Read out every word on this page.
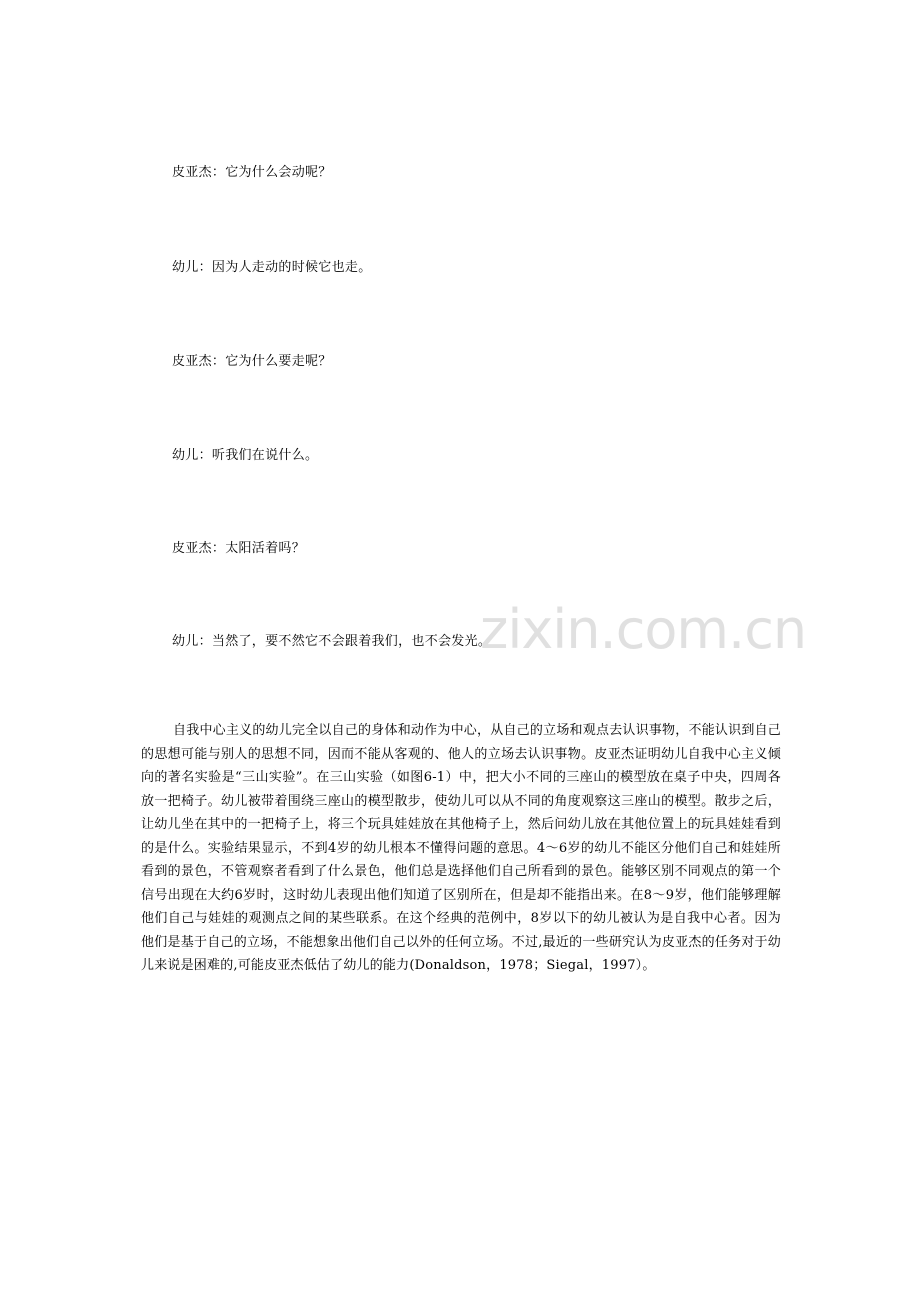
皮亚杰：它为什么会动呢？
幼儿：因为人走动的时候它也走。
皮亚杰：它为什么要走呢？
幼儿：听我们在说什么。
皮亚杰：太阳活着吗？
幼儿：当然了，要不然它不会跟着我们，也不会发光。
自我中心主义的幼儿完全以自己的身体和动作为中心，从自己的立场和观点去认识事物，不能认识到自己的思想可能与别人的思想不同，因而不能从客观的、他人的立场去认识事物。皮亚杰证明幼儿自我中心主义倾向的著名实验是“三山实验”。在三山实验（如图6-1）中，把大小不同的三座山的模型放在桌子中央，四周各放一把椅子。幼儿被带着围绕三座山的模型散步，使幼儿可以从不同的角度观察这三座山的模型。散步之后，让幼儿坐在其中的一把椅子上，将三个玩具娃娃放在其他椅子上，然后问幼儿放在其他位置上的玩具娃娃看到的是什么。实验结果显示，不到4岁的幼儿根本不懂得问题的意思。4～6岁的幼儿不能区分他们自己和娃娃所看到的景色，不管观察者看到了什么景色，他们总是选择他们自己所看到的景色。能够区别不同观点的第一个信号出现在大约6岁时，这时幼儿表现出他们知道了区别所在，但是却不能指出来。在8～9岁，他们能够理解他们自己与娃娃的观测点之间的某些联系。在这个经典的范例中，8岁以下的幼儿被认为是自我中心者。因为他们是基于自己的立场，不能想象出他们自己以外的任何立场。不过,最近的一些研究认为皮亚杰的任务对于幼儿来说是困难的,可能皮亚杰低估了幼儿的能力(Donaldson，1978；Siegal，1997）。
zixin.com.cn
